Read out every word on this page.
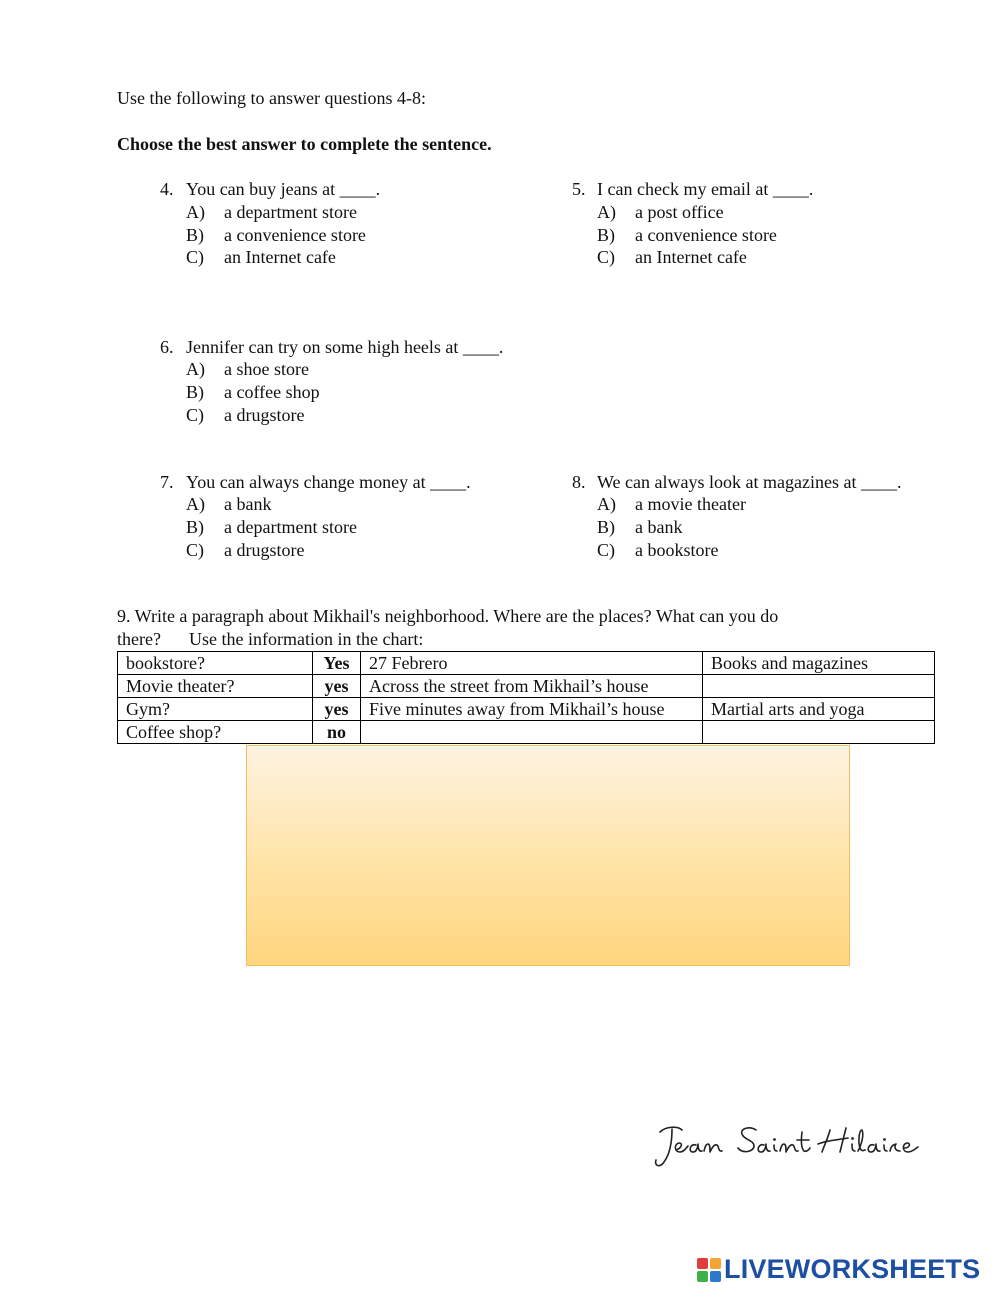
Use the following to answer questions 4-8:
Choose the best answer to complete the sentence.
4. You can buy jeans at ____.
A) a department store
B) a convenience store
C) an Internet cafe
5. I can check my email at ____.
A) a post office
B) a convenience store
C) an Internet cafe
6. Jennifer can try on some high heels at ____.
A) a shoe store
B) a coffee shop
C) a drugstore
7. You can always change money at ____.
A) a bank
B) a department store
C) a drugstore
8. We can always look at magazines at ____.
A) a movie theater
B) a bank
C) a bookstore
9. Write a paragraph about Mikhail's neighborhood. Where are the places? What can you do
there? Use the information in the chart:
bookstore?	Yes	27 Febrero	Books and magazines
Movie theater?	yes	Across the street from Mikhail’s house	
Gym?	yes	Five minutes away from Mikhail’s house	Martial arts and yoga
Coffee shop?	no		
LIVEWORKSHEETS
